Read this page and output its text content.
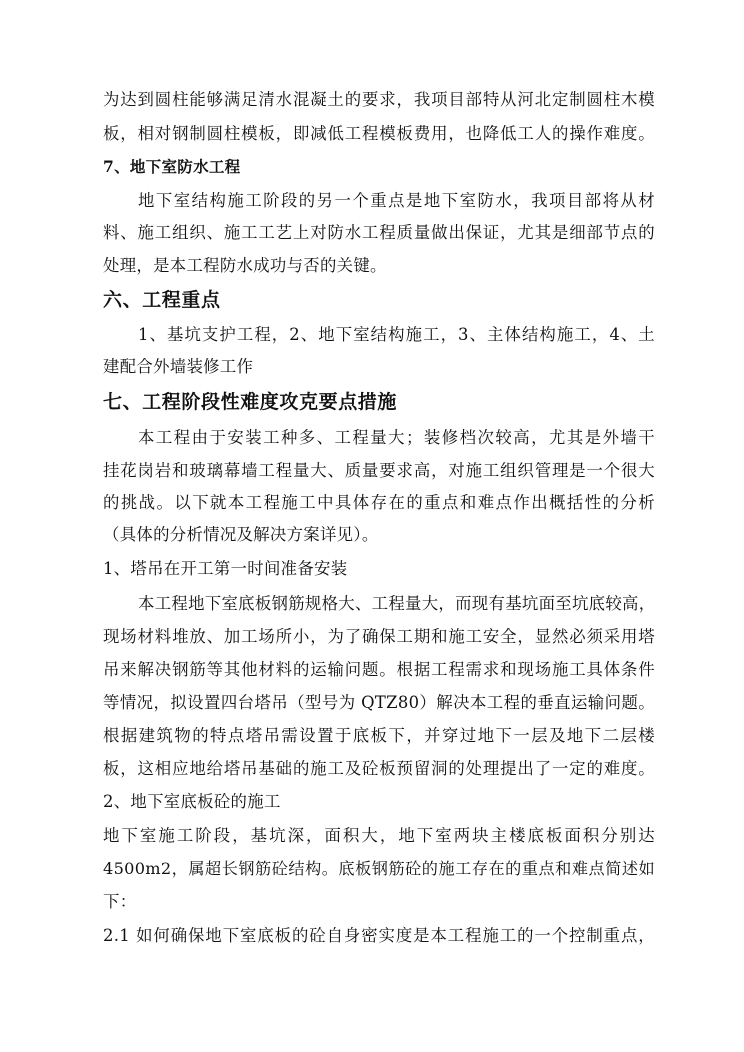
为达到圆柱能够满足清水混凝土的要求，我项目部特从河北定制圆柱木模
板，相对钢制圆柱模板，即减低工程模板费用，也降低工人的操作难度。
7、地下室防水工程
地下室结构施工阶段的另一个重点是地下室防水，我项目部将从材
料、施工组织、施工工艺上对防水工程质量做出保证，尤其是细部节点的
处理，是本工程防水成功与否的关键。
六、工程重点
1、基坑支护工程，2、地下室结构施工，3、主体结构施工，4、土
建配合外墙装修工作
七、工程阶段性难度攻克要点措施
本工程由于安装工种多、工程量大；装修档次较高，尤其是外墙干
挂花岗岩和玻璃幕墙工程量大、质量要求高，对施工组织管理是一个很大
的挑战。以下就本工程施工中具体存在的重点和难点作出概括性的分析
（具体的分析情况及解决方案详见）。
1、塔吊在开工第一时间准备安装
本工程地下室底板钢筋规格大、工程量大，而现有基坑面至坑底较高，
现场材料堆放、加工场所小，为了确保工期和施工安全，显然必须采用塔
吊来解决钢筋等其他材料的运输问题。根据工程需求和现场施工具体条件
等情况，拟设置四台塔吊（型号为 QTZ80）解决本工程的垂直运输问题。
根据建筑物的特点塔吊需设置于底板下，并穿过地下一层及地下二层楼
板，这相应地给塔吊基础的施工及砼板预留洞的处理提出了一定的难度。
2、地下室底板砼的施工
地下室施工阶段，基坑深，面积大，地下室两块主楼底板面积分别达
4500m2，属超长钢筋砼结构。底板钢筋砼的施工存在的重点和难点简述如
下：
2.1 如何确保地下室底板的砼自身密实度是本工程施工的一个控制重点，
